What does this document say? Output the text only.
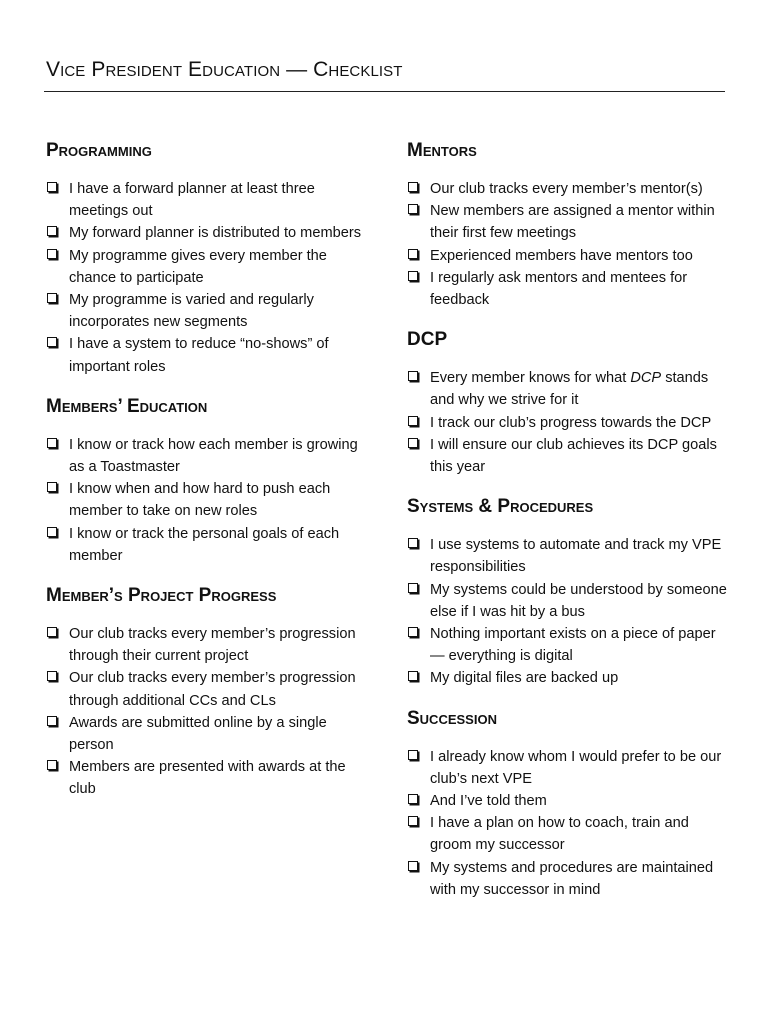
Vice President Education — Checklist
Programming
I have a forward planner at least three meetings out
My forward planner is distributed to members
My programme gives every member the chance to participate
My programme is varied and regularly incorporates new segments
I have a system to reduce “no-shows” of important roles
Members’ Education
I know or track how each member is growing as a Toastmaster
I know when and how hard to push each member to take on new roles
I know or track the personal goals of each member
Member’s Project Progress
Our club tracks every member’s progression through their current project
Our club tracks every member’s progression through additional CCs and CLs
Awards are submitted online by a single person
Members are presented with awards at the club
Mentors
Our club tracks every member’s mentor(s)
New members are assigned a mentor within their first few meetings
Experienced members have mentors too
I regularly ask mentors and mentees for feedback
DCP
Every member knows for what DCP stands and why we strive for it
I track our club’s progress towards the DCP
I will ensure our club achieves its DCP goals this year
Systems & Procedures
I use systems to automate and track my VPE responsibilities
My systems could be understood by someone else if I was hit by a bus
Nothing important exists on a piece of paper — everything is digital
My digital files are backed up
Succession
I already know whom I would prefer to be our club’s next VPE
And I’ve told them
I have a plan on how to coach, train and groom my successor
My systems and procedures are maintained with my successor in mind
